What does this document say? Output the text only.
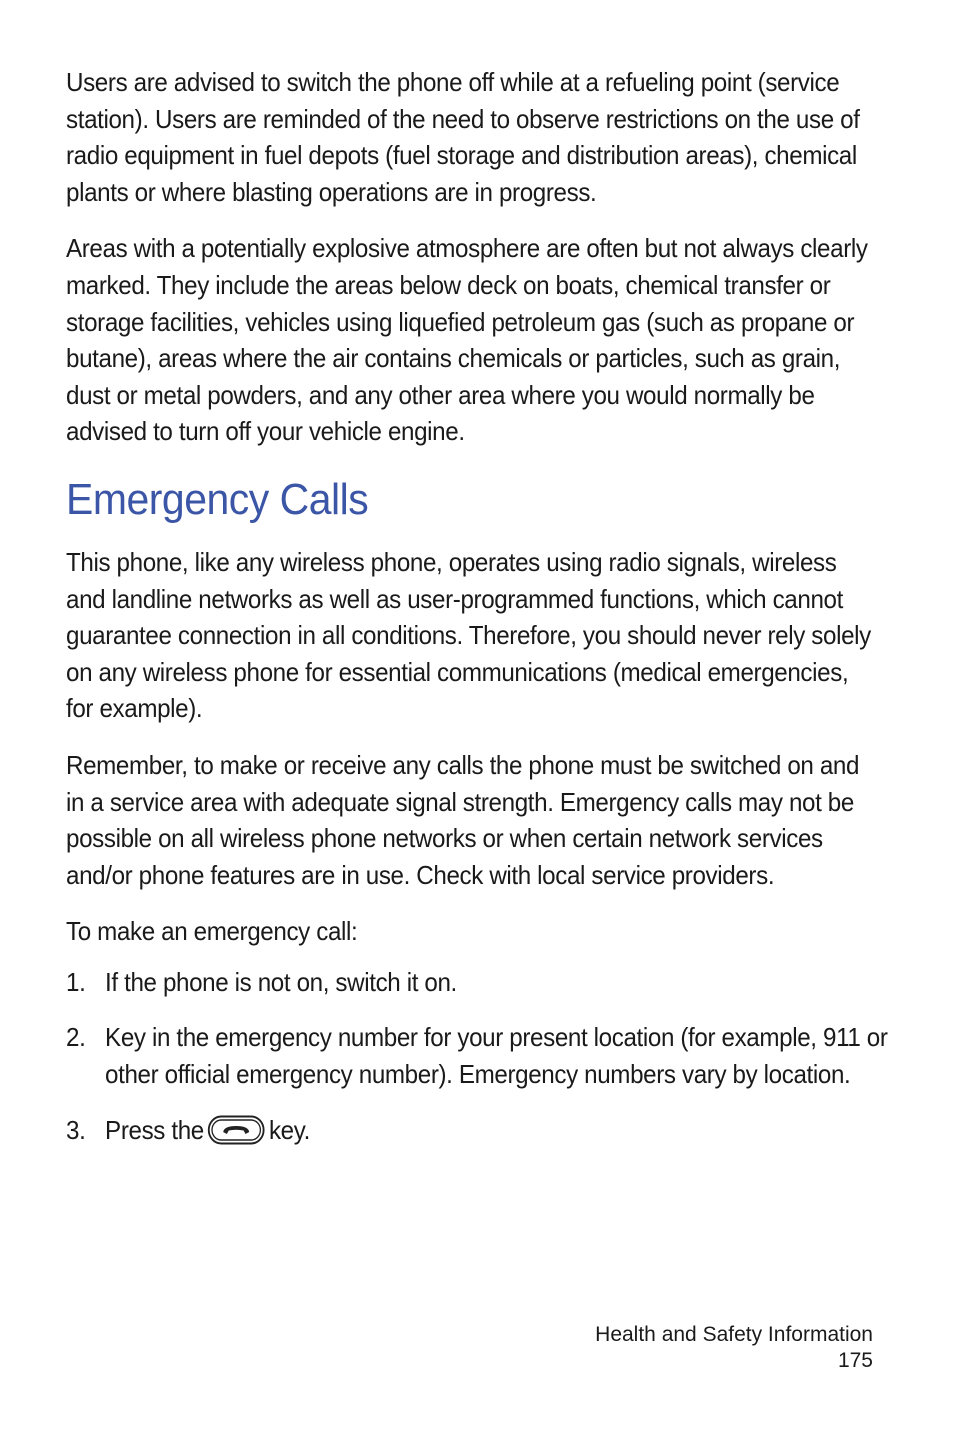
Users are advised to switch the phone off while at a refueling point (service station). Users are reminded of the need to observe restrictions on the use of radio equipment in fuel depots (fuel storage and distribution areas), chemical plants or where blasting operations are in progress.

Areas with a potentially explosive atmosphere are often but not always clearly marked. They include the areas below deck on boats, chemical transfer or storage facilities, vehicles using liquefied petroleum gas (such as propane or butane), areas where the air contains chemicals or particles, such as grain, dust or metal powders, and any other area where you would normally be advised to turn off your vehicle engine.

Emergency Calls

This phone, like any wireless phone, operates using radio signals, wireless and landline networks as well as user-programmed functions, which cannot guarantee connection in all conditions. Therefore, you should never rely solely on any wireless phone for essential communications (medical emergencies, for example).

Remember, to make or receive any calls the phone must be switched on and in a service area with adequate signal strength. Emergency calls may not be possible on all wireless phone networks or when certain network services and/or phone features are in use. Check with local service providers.

To make an emergency call:

1. If the phone is not on, switch it on.
2. Key in the emergency number for your present location (for example, 911 or other official emergency number). Emergency numbers vary by location.
3. Press the	key.
Health and Safety Information
175
